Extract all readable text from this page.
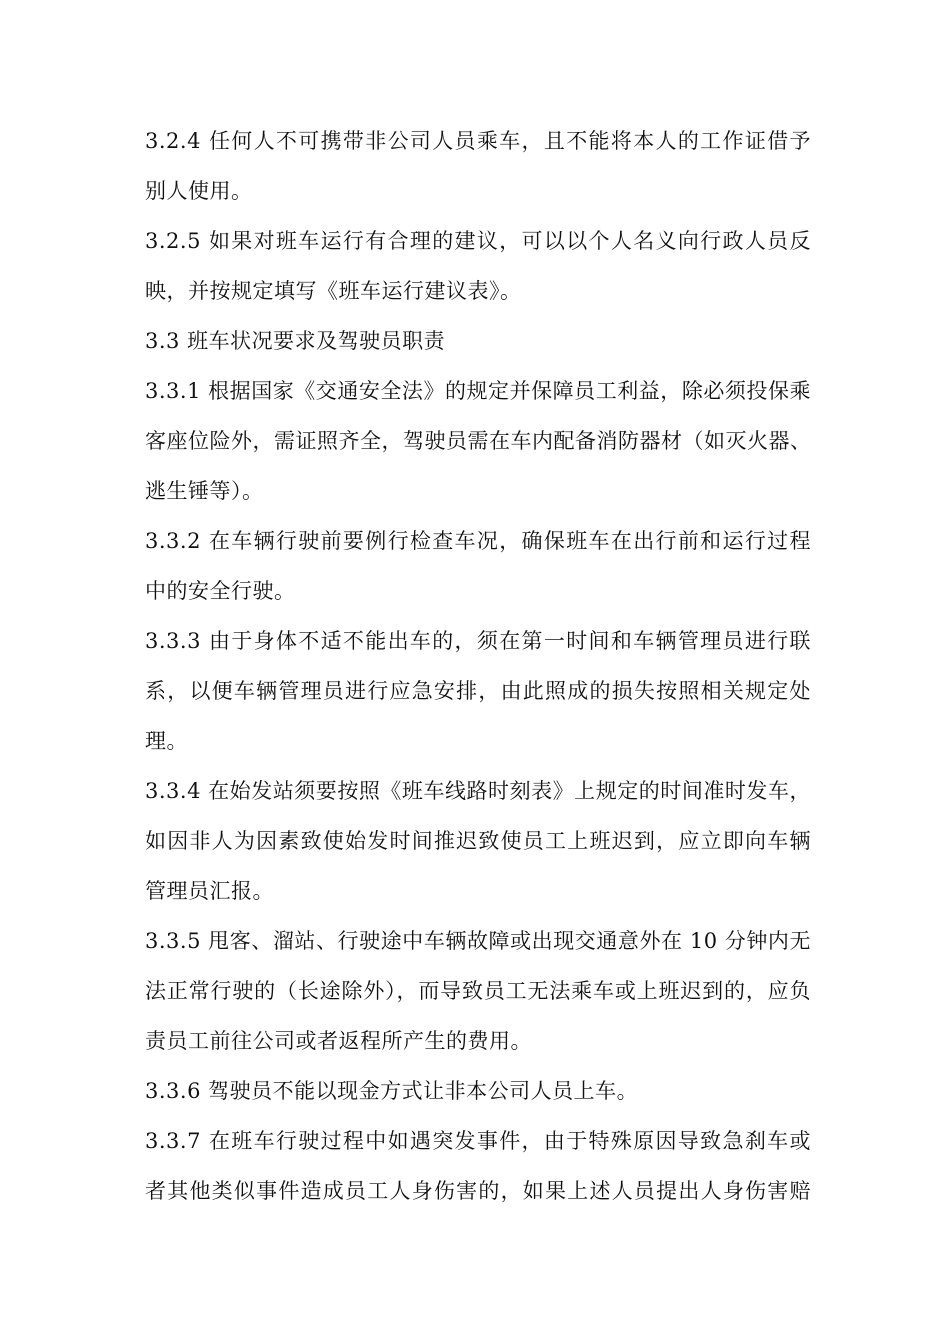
3.2.4 任何人不可携带非公司人员乘车，且不能将本人的工作证借予
别人使用。
3.2.5 如果对班车运行有合理的建议，可以以个人名义向行政人员反
映，并按规定填写《班车运行建议表》。
3.3 班车状况要求及驾驶员职责
3.3.1 根据国家《交通安全法》的规定并保障员工利益，除必须投保乘
客座位险外，需证照齐全，驾驶员需在车内配备消防器材（如灭火器、
逃生锤等）。
3.3.2 在车辆行驶前要例行检查车况，确保班车在出行前和运行过程
中的安全行驶。
3.3.3 由于身体不适不能出车的，须在第一时间和车辆管理员进行联
系，以便车辆管理员进行应急安排，由此照成的损失按照相关规定处
理。
3.3.4 在始发站须要按照《班车线路时刻表》上规定的时间准时发车，
如因非人为因素致使始发时间推迟致使员工上班迟到，应立即向车辆
管理员汇报。
3.3.5 甩客、溜站、行驶途中车辆故障或出现交通意外在 10 分钟内无
法正常行驶的（长途除外），而导致员工无法乘车或上班迟到的，应负
责员工前往公司或者返程所产生的费用。
3.3.6 驾驶员不能以现金方式让非本公司人员上车。
3.3.7 在班车行驶过程中如遇突发事件，由于特殊原因导致急刹车或
者其他类似事件造成员工人身伤害的，如果上述人员提出人身伤害赔
